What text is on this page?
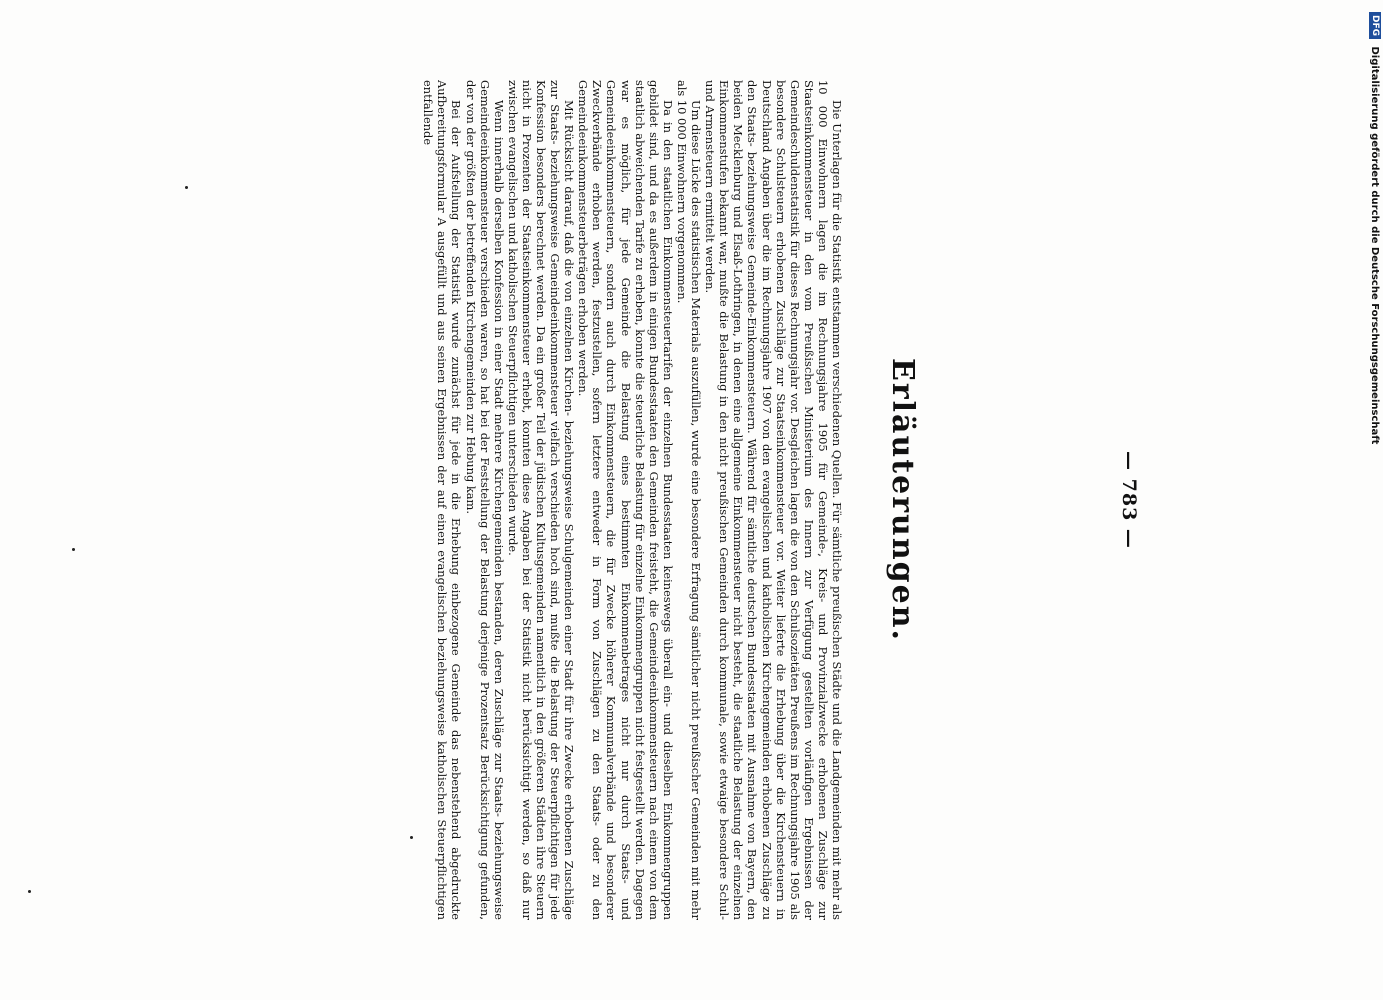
— 783 —
Erläuterungen.

Die Unterlagen für die Statistik entstammen verschiedenen Quellen. Für sämtliche preußischen Städte und die Landgemeinden mit mehr als 10 000 Einwohnern lagen die im Rechnungsjahre 1905 für Gemeinde-, Kreis- und Provinzialzwecke erhobenen Zuschläge zur Staatseinkommensteuer in den vom Preußischen Ministerium des Innern zur Verfügung gestellten vorläufigen Ergebnissen der Gemeindeschuldenstatistik für dieses Rechnungsjahr vor. Desgleichen lagen die von den Schulsozietäten Preußens im Rechnungsjahre 1905 als besondere Schulsteuern erhobenen Zuschläge zur Staatseinkommensteuer vor. Weiter lieferte die Erhebung über die Kirchensteuern in Deutschland Angaben über die im Rechnungsjahre 1907 von den evangelischen und katholischen Kirchengemeinden erhobenen Zuschläge zu den Staats- beziehungsweise Gemeinde-Einkommensteuern. Während für sämtliche deutschen Bundesstaaten mit Ausnahme von Bayern, den beiden Mecklenburg und Elsaß-Lothringen, in denen eine allgemeine Einkommensteuer nicht besteht, die staatliche Belastung der einzelnen Einkommenstufen bekannt war, mußte die Belastung in den nicht preußischen Gemeinden durch kommunale, sowie etwaige besondere Schul- und Armensteuern ermittelt werden.

Um diese Lücke des statistischen Materials auszufüllen, wurde eine besondere Erfragung sämtlicher nicht preußischer Gemeinden mit mehr als 10 000 Einwohnern vorgenommen.

Da in den staatlichen Einkommensteuertarifen der einzelnen Bundesstaaten keineswegs überall ein- und dieselben Einkommengruppen gebildet sind, und da es außerdem in einigen Bundesstaaten den Gemeinden freisteht, die Gemeindeeinkommensteuern nach einem von dem staatlich abweichenden Tarife zu erheben, konnte die steuerliche Belastung für einzelne Einkommengruppen nicht festgestellt werden. Dagegen war es möglich, für jede Gemeinde die Belastung eines bestimmten Einkommenbetrages nicht nur durch Staats- und Gemeindeeinkommensteuern, sondern auch durch Einkommensteuern, die für Zwecke höherer Kommunalverbände und besonderer Zweckverbände erhoben werden, festzustellen, sofern letztere entweder in Form von Zuschlägen zu den Staats- oder zu den Gemeindeeinkommensteuerbeträgen erhoben werden.

Mit Rücksicht darauf, daß die von einzelnen Kirchen- beziehungsweise Schulgemeinden einer Stadt für ihre Zwecke erhobenen Zuschläge zur Staats- beziehungsweise Gemeindeeinkommensteuer vielfach verschieden hoch sind, mußte die Belastung der Steuerpflichtigen für jede Konfession besonders berechnet werden. Da ein großer Teil der jüdischen Kultusgemeinden namentlich in den größeren Städten ihre Steuern nicht in Prozenten der Staatseinkommensteuer erhebt, konnten diese Angaben bei der Statistik nicht berücksichtigt werden, so daß nur zwischen evangelischen und katholischen Steuerpflichtigen unterschieden wurde.

Wenn innerhalb derselben Konfession in einer Stadt mehrere Kirchengemeinden bestanden, deren Zuschläge zur Staats- beziehungsweise Gemeindeeinkommensteuer verschieden waren, so hat bei der Feststellung der Belastung derjenige Prozentsatz Berücksichtigung gefunden, der von der größten der betreffenden Kirchengemeinden zur Hebung kam.

Bei der Aufstellung der Statistik wurde zunächst für jede in die Erhebung einbezogene Gemeinde das nebenstehend abgedruckte Aufbereitungsformular A ausgefüllt und aus seinen Ergebnissen der auf einen evangelischen beziehungsweise katholischen Steuerpflichtigen entfallende

DFG Digitalisierung gefördert durch die Deutsche Forschungsgemeinschaft
